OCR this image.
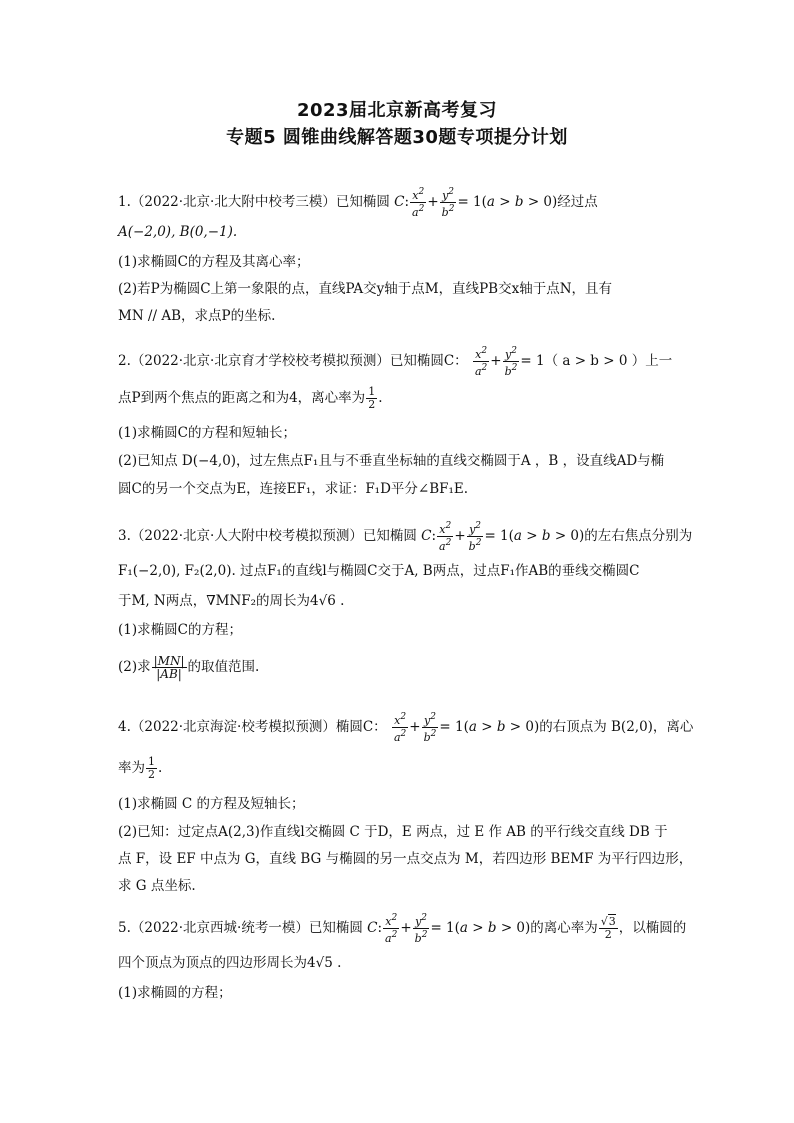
2023届北京新高考复习
专题5 圆锥曲线解答题30题专项提分计划
1.（2022·北京·北大附中校考三模）已知椭圆 C: $\frac{x^2}{a^2} + \frac{y^2}{b^2} = 1(a > b > 0)$经过点
A(−2,0), B(0,−1).
(1)求椭圆C的方程及其离心率；
(2)若P为椭圆C上第一象限的点，直线PA交y轴于点M，直线PB交x轴于点N，且有
MN // AB，求点P的坐标.
2.（2022·北京·北京育才学校校考模拟预测）已知椭圆C： $\frac{x^2}{a^2} + \frac{y^2}{b^2} = 1$（ a > b > 0 ）上一
点P到两个焦点的距离之和为4，离心率为 $\frac{1}{2}$ .
(1)求椭圆C的方程和短轴长；
(2)已知点 D(−4,0)，过左焦点F₁且与不垂直坐标轴的直线交椭圆于A ，B ，设直线AD与椭
圆C的另一个交点为E，连接EF₁，求证：F₁D平分∠BF₁E.
3.（2022·北京·人大附中校考模拟预测）已知椭圆 C: $\frac{x^2}{a^2} + \frac{y^2}{b^2} = 1(a > b > 0)$的左右焦点分别为
F₁(−2,0), F₂(2,0). 过点F₁的直线l与椭圆C交于A, B两点，过点F₁作AB的垂线交椭圆C
于M, N两点，∇MNF₂的周长为4√6 .
(1)求椭圆C的方程；
(2)求 $\frac{|MN|}{|AB|}$ 的取值范围.
4.（2022·北京海淀·校考模拟预测）椭圆C： $\frac{x^2}{a^2} + \frac{y^2}{b^2} = 1(a > b > 0)$的右顶点为 B(2,0)，离心
率为 $\frac{1}{2}$ .
(1)求椭圆 C 的方程及短轴长；
(2)已知：过定点A(2,3)作直线l交椭圆 C 于D，E 两点，过 E 作 AB 的平行线交直线 DB 于
点 F，设 EF 中点为 G，直线 BG 与椭圆的另一点交点为 M，若四边形 BEMF 为平行四边形，
求 G 点坐标.
5.（2022·北京西城·统考一模）已知椭圆 C: $\frac{x^2}{a^2} + \frac{y^2}{b^2} = 1(a > b > 0)$的离心率为 $\frac{√3}{2}$ ，以椭圆的
四个顶点为顶点的四边形周长为4√5 .
(1)求椭圆的方程；
